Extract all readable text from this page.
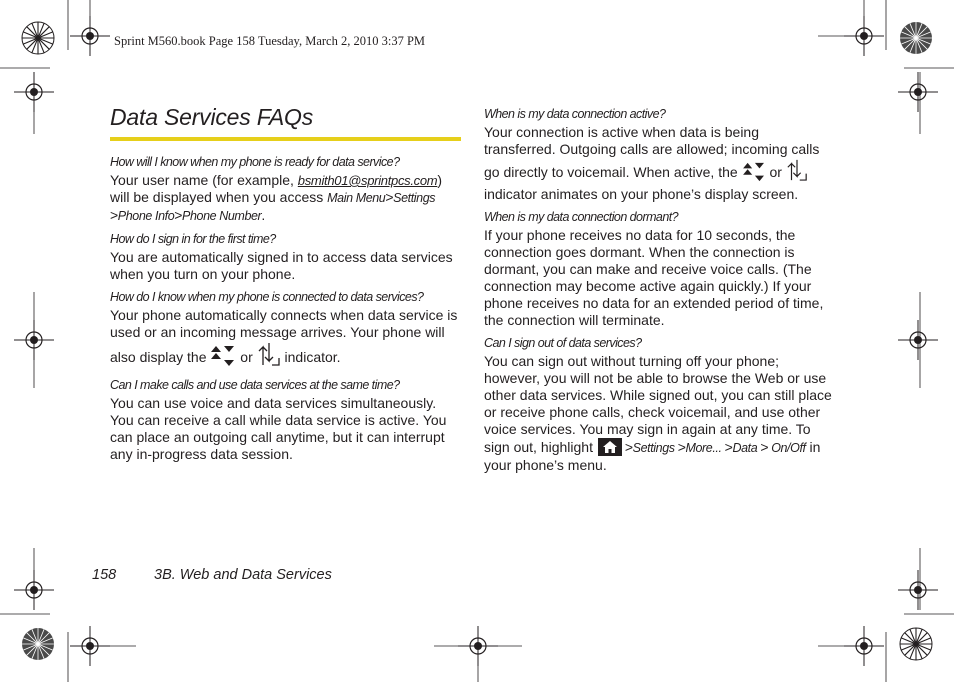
Sprint M560.book Page 158 Tuesday, March 2, 2010 3:37 PM
Data Services FAQs

How will I know when my phone is ready for data service?

Your user name (for example, bsmith01@sprintpcs.com) will be displayed when you access Main Menu>Settings >Phone Info>Phone Number.

How do I sign in for the first time?

You are automatically signed in to access data services when you turn on your phone.

How do I know when my phone is connected to data services?

Your phone automatically connects when data service is used or an incoming message arrives. Your phone will also display the  or  indicator.

Can I make calls and use data services at the same time?

You can use voice and data services simultaneously. You can receive a call while data service is active. You can place an outgoing call anytime, but it can interrupt any in-progress data session.

When is my data connection active?

Your connection is active when data is being transferred. Outgoing calls are allowed; incoming calls go directly to voicemail. When active, the  or  indicator animates on your phone’s display screen.

When is my data connection dormant?

If your phone receives no data for 10 seconds, the connection goes dormant. When the connection is dormant, you can make and receive voice calls. (The connection may become active again quickly.) If your phone receives no data for an extended period of time, the connection will terminate.

Can I sign out of data services?

You can sign out without turning off your phone; however, you will not be able to browse the Web or use other data services. While signed out, you can still place or receive phone calls, check voicemail, and use other voice services. You may sign in again at any time. To sign out, highlight >Settings >More... >Data > On/Off in your phone’s menu.

158	3B. Web and Data Services
